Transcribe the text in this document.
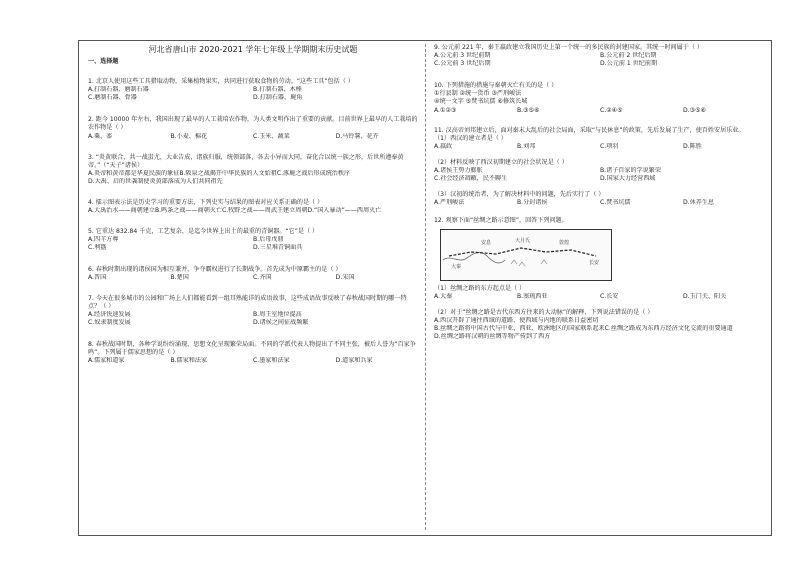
河北省唐山市 2020-2021 学年七年级上学期期末历史试题
一、选择题
1. 北京人使用这些工具猎取动物，采集植物果实，共同进行获取食物的劳动。“这些工具”包括（ ）
A.打制石器、磨制石器	B.打制石器、木棒
C.磨制石器、骨器	D.打制石器、鹿角
2. 距今 10000 年左右，我国出现了最早的人工栽培农作物，为人类文明作出了重要的贡献。目前世界上最早的人工栽培的农作物是（ ）
A.粟、黍	B.小麦、棉花	C.玉米、蔬菜	D.马铃薯、花卉
3. “炎黄联合，共一战蚩尤，大业告成，诸族归服，统领部落，各去小异而大同，奋化合以统一族之形，后世所遵奉黄帝。”（“天子”诸侯）
A.炎帝和黄帝都是华夏民族的象征 B.阪泉之战揭开中华民族的人文始祖 C.涿鹿之战后形成统治秩序
D.大禹、启的世袭制使炎黄部落成为人们共同祖先
4. 擂示图表示法是历史学习的重要方法，下列史实与结果的图表对应关系正确的是（ ）
A.大禹治水——商朝建立 B.鸣条之战——商朝灭亡 C.牧野之战——周武王建立周朝 D.“国人暴动”——西周灭亡
5. 它重达 832.84 千克，工艺复杂，是迄今世界上出土的最重的青铜器。“它”是（ ）
A.四羊方尊	B.后母戊鼎
C.利簋	D.三星堆青铜面具
6. 春秋时期出现的诸侯国为相互兼并，争夺霸权进行了长期战争。首先成为中原霸主的是（ ）
A.晋国	B.楚国	C.齐国	D.宋国
7. 今天在很多城市的公园和广场上人们都能看到一组耳熟能详的成语故事，这些成语故事反映了春秋战国时期的哪一特点？（ ）
A.经济快速发展	B.周王室地位提高
C.奴隶制度发展	D.诸侯之间征战频繁
8. 春秋战国时期，各种学说纷纷涌现，思想文化呈现繁荣局面。不同的学派代表人物提出了不同主张，被后人誉为“百家争鸣”。下列属于儒家思想的是（ ）
A.儒家和道家	B.儒家和法家	C.墨家和法家	D.道家和兵家
9. 公元前 221 年，秦王嬴政建立我国历史上第一个统一的多民族的封建国家。其统一时间属于（ ）
A.公元前 3 世纪前期	B.公元前 2 世纪后期
C.公元前 3 世纪后期	D.公元前 1 世纪前期
10. 下列措施的措施与秦朝灭亡有关的是（ ）
①行县制 ②统一货币 ③严刑峻法
④统一文字 ⑤焚书坑儒 ⑥修筑长城
A.①②③	B.③⑤⑥	C.②④⑤	D.③⑤⑥
11. 汉高帝刘邦建立后，面对秦末大乱后的社会局面，采取“与民休息”的政策，先后发展了生产，使百姓安居乐业。
（1）西汉的建立者是（ ）
A.嬴政	B.刘邦	C.项羽	D.陈胜
（2）材料反映了西汉初期建立的社会状况是（ ）
A.诸侯王势力膨胀	B.诸子百家的学说繁荣
C.社会经济凋敝，民不聊生	D.国家大力经营西域
（3）汉初的统治者，为了解决材料中的问题，先后实行了（ ）
A.严刑峻法	B.分封诸侯	C.焚书坑儒	D.休养生息
12. 观察下面“丝绸之路示意图”，回答下列问题。
长安
敦煌
大秦
安息	大月氏
（1）丝绸之路的东方起点是（ ）
A.大秦	B.塞琉西亚	C.长安	D.玉门关、阳关
（2）对于“丝绸之路是古代东西方往来的大动脉”的解释，下列说法错误的是（ ）
A.西汉开辟了通往西域的道路，使西域与内地的联系日益密切
B.丝绸之路将中国古代与中亚、西亚、欧洲地区的国家联系起来 C.丝绸之路成为东西方经济文化交流的重要通道
D.丝绸之路将汉朝的丝绸等物产传到了西方
